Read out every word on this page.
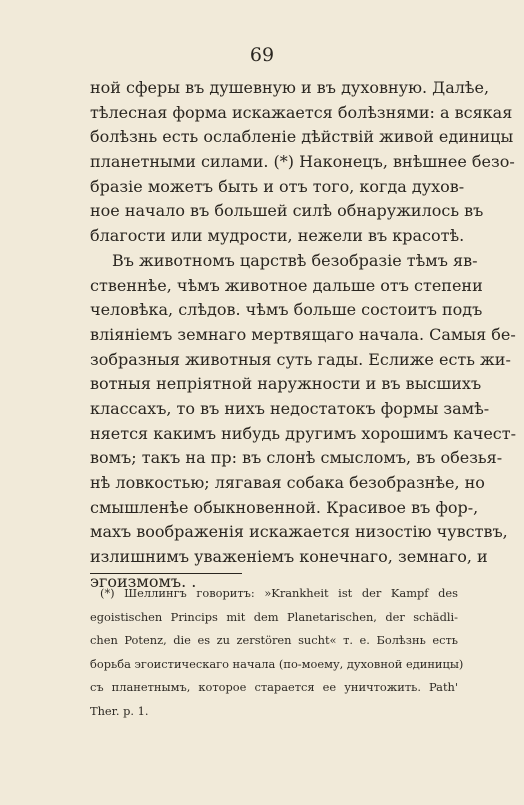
69
ной сферы въ душевную и въ духовную. Далѣе,
тѣлесная форма искажается болѣзнями: а всякая
болѣзнь есть ослабленіе дѣйствій живой единицы
планетными силами. (*) Наконецъ, внѣшнее безо-
бразіе можетъ быть и отъ того, когда духов-
ное начало въ большей силѣ обнаружилось въ
благости или мудрости, нежели въ красотѣ.
Въ животномъ царствѣ безобразіе тѣмъ яв-
ственнѣе, чѣмъ животное дальше отъ степени
человѣка, слѣдов. чѣмъ больше состоитъ подъ
вліяніемъ земнаго мертвящаго начала. Самыя бе-
зобразныя животныя суть гады. Еслижe есть жи-
вотныя непріятной наружности и въ высшихъ
классахъ, то въ нихъ недостатокъ формы замѣ-
няется какимъ нибудь другимъ хорошимъ качест-
вомъ; такъ на пр: въ слонѣ смысломъ, въ обезья-
нѣ ловкостью; лягавая собака безобразнѣе, но
смышленѣе обыкновенной. Красивое въ фор-,
махъ воображенія искажается низостію чувствъ,
излишнимъ уваженіемъ конечнаго, земнаго, и
эгоизмомъ. .
(*) Шеллингъ говоритъ: »Krankheit ist der Kampf des
egoistischen Princips mit dem Planetarischen, der schädli-
chen Potenz, die es zu zerstören sucht« т. е. Болѣзнь есть
борьба эгоистическаго начала (по-моему, духовной единицы)
съ планетнымъ, которое старается ее уничтожить. Path'
Ther. p. 1.
